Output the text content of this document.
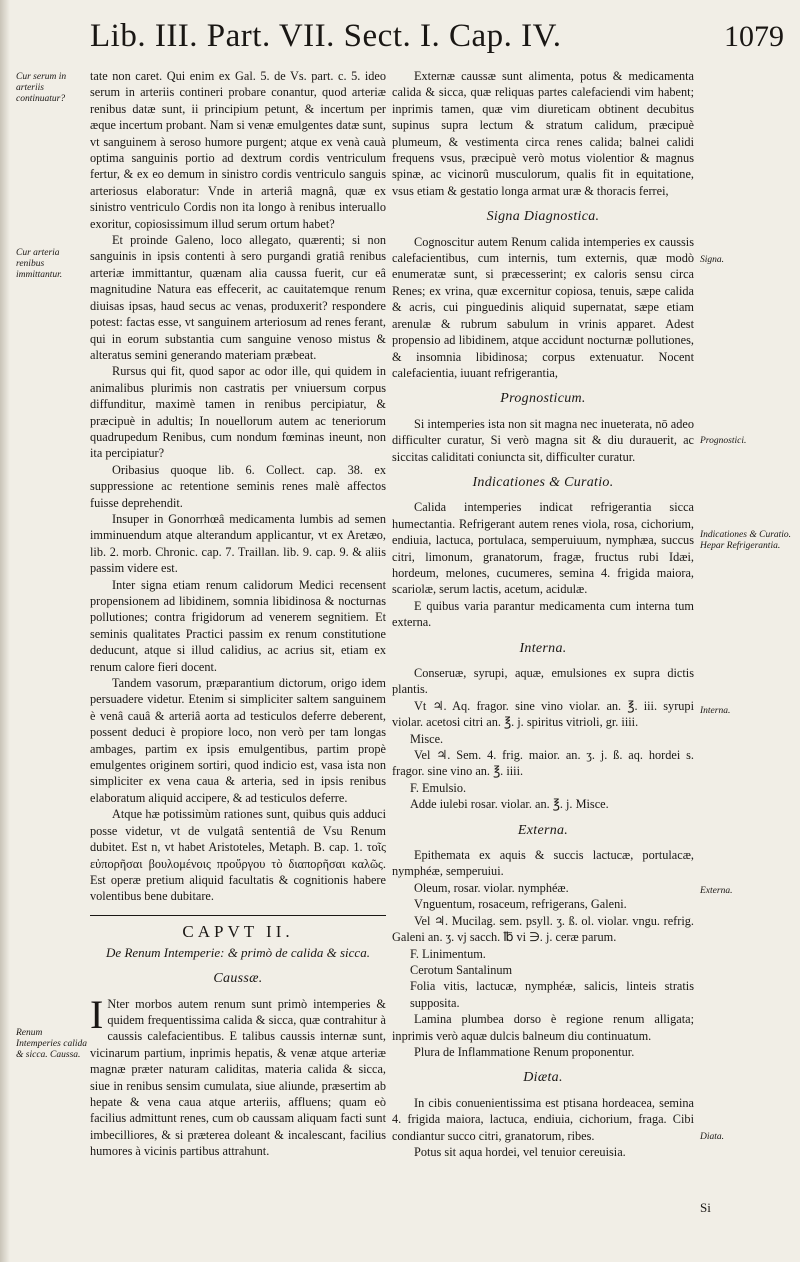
Lib. III. Part. VII. Sect. I. Cap. IV.	1079
Cur serum in arteriis continuatur?
Cur arteria renibus immittantur.
Renum Intemperies calida & sicca. Caussa.
Signa.
Prognostici.
Indicationes & Curatio. Hepar Refrigerantia.
Interna.
Externa.
Diata.

tate non caret. Qui enim ex Gal. 5. de Vs. part. c. 5. ideo serum in arteriis contineri probare conantur, quod arteriæ renibus datæ sunt, ii principium petunt, & incertum per æque incertum probant. Nam si venæ emulgentes datæ sunt, vt sanguinem à seroso humore purgent; atque ex venà cauà optima sanguinis portio ad dextrum cordis ventriculum fertur, & ex eo demum in sinistro cordis ventriculo sanguis arteriosus elaboratur: Vnde in arteriâ magnâ, quæ ex sinistro ventriculo Cordis non ita longo à renibus interuallo exoritur, copiosissimum illud serum ortum habet?

Et proinde Galeno, loco allegato, quærenti; si non sanguinis in ipsis contenti à sero purgandi gratiâ renibus arteriæ immittantur, quænam alia caussa fuerit, cur eâ magnitudine Natura eas effecerit, ac cauitatemque renum diuisas ipsas, haud secus ac venas, produxerit? respondere potest: factas esse, vt sanguinem arteriosum ad renes ferant, qui in eorum substantia cum sanguine venoso mistus & alteratus semini generando materiam præbeat.

Rursus qui fit, quod sapor ac odor ille, qui quidem in animalibus plurimis non castratis per vniuersum corpus diffunditur, maximè tamen in renibus percipiatur, & præcipuè in adultis; In nouellorum autem ac teneriorum quadrupedum Renibus, cum nondum fœminas ineunt, non ita percipiatur?

Oribasius quoque lib. 6. Collect. cap. 38. ex suppressione ac retentione seminis renes malè affectos fuisse deprehendit.

Insuper in Gonorrhœâ medicamenta lumbis ad semen imminuendum atque alterandum applicantur, vt ex Aretæo, lib. 2. morb. Chronic. cap. 7. Traillan. lib. 9. cap. 9. & aliis passim videre est.

Inter signa etiam renum calidorum Medici recensent propensionem ad libidinem, somnia libidinosa & nocturnas pollutiones; contra frigidorum ad venerem segnitiem. Et seminis qualitates Practici passim ex renum constitutione deducunt, atque si illud calidius, ac acrius sit, etiam ex renum calore fieri docent.

Tandem vasorum, præparantium dictorum, origo idem persuadere videtur. Etenim si simpliciter saltem sanguinem è venâ cauâ & arteriâ aorta ad testiculos deferre deberent, possent deduci è propiore loco, non verò per tam longas ambages, partim ex ipsis emulgentibus, partim propè emulgentes originem sortiri, quod indicio est, vasa ista non simpliciter ex vena caua & arteria, sed in ipsis renibus elaboratum aliquid accipere, & ad testiculos deferre.

Atque hæ potissimùm rationes sunt, quibus quis adduci posse videtur, vt de vulgatâ sententiâ de Vsu Renum dubitet. Est n, vt habet Aristoteles, Metaph. B. cap. 1. τοῖς εὐπορῆσαι βουλομένοις προὔργου τὸ διαπορῆσαι καλῶς. Est operæ pretium aliquid facultatis & cognitionis habere volentibus bene dubitare.

CAPVT II.
De Renum Intemperie: & primò de calida & sicca.
Caussæ.

I Nter morbos autem renum sunt primò intemperies & quidem frequentissima calida & sicca, quæ contrahitur à caussis calefacientibus. E talibus caussis internæ sunt, vicinarum partium, inprimis hepatis, & venæ atque arteriæ magnæ præter naturam caliditas, materia calida & sicca, siue in renibus sensim cumulata, siue aliunde, præsertim ab hepate & vena caua atque arteriis, affluens; quam eò facilius admittunt renes, cum ob caussam aliquam facti sunt imbecilliores, & si præterea doleant & incalescant, facilius humores à vicinis partibus attrahunt.

Externæ caussæ sunt alimenta, potus & medicamenta calida & sicca, quæ reliquas partes calefaciendi vim habent; inprimis tamen, quæ vim diureticam obtinent decubitus supinus supra lectum & stratum calidum, præcipuè plumeum, & vestimenta circa renes calida; balnei calidi frequens vsus, præcipuè verò motus violentior & magnus spinæ, ac vicinorû musculorum, qualis fit in equitatione, vsus etiam & gestatio longa armat uræ & thoracis ferrei,

Signa Diagnostica.

Cognoscitur autem Renum calida intemperies ex caussis calefacientibus, cum internis, tum externis, quæ modò enumeratæ sunt, si præcesserint; ex caloris sensu circa Renes; ex vrina, quæ excernitur copiosa, tenuis, sæpe calida & acris, cui pinguedinis aliquid supernatat, sæpe etiam arenulæ & rubrum sabulum in vrinis apparet. Adest propensio ad libidinem, atque accidunt nocturnæ pollutiones, & insomnia libidinosa; corpus extenuatur. Nocent calefacientia, iuuant refrigerantia,

Prognosticum.

Si intemperies ista non sit magna nec inueterata, nō adeo difficulter curatur, Si verò magna sit & diu durauerit, ac siccitas caliditati coniuncta sit, difficulter curatur.

Indicationes & Curatio.

Calida intemperies indicat refrigerantia sicca humectantia. Refrigerant autem renes viola, rosa, cichorium, endiuia, lactuca, portulaca, semperuiuum, nymphæa, succus citri, limonum, granatorum, fragæ, fructus rubi Idæi, hordeum, melones, cucumeres, semina 4. frigida maiora, scariolæ, serum lactis, acetum, acidulæ.

E quibus varia parantur medicamenta cum interna tum externa.

Interna.

Conseruæ, syrupi, aquæ, emulsiones ex supra dictis plantis.

Vt ♃. Aq. fragor. sine vino violar. an. ℥. iii. syrupi violar. acetosi citri an. ℥. j. spiritus vitrioli, gr. iiii.

Misce.

Vel ♃. Sem. 4. frig. maior. an. ʒ. j. ß. aq. hordei s. fragor. sine vino an. ℥. iiii.

F. Emulsio.

Adde iulebi rosar. violar. an. ℥. j. Misce.

Externa.

Epithemata ex aquis & succis lactucæ, portulacæ, nymphéæ, semperuiui.

Oleum, rosar. violar. nymphéæ.

Vnguentum, rosaceum, refrigerans, Galeni.

Vel ♃. Mucilag. sem. psyll. ʒ. ß. ol. violar. vngu. refrig. Galeni an. ʒ. vj sacch. ℔ vi ∋. j. ceræ parum.

F. Linimentum.

Cerotum Santalinum

Folia vitis, lactucæ, nymphéæ, salicis, linteis stratis supposita.

Lamina plumbea dorso è regione renum alligata; inprimis verò aquæ dulcis balneum diu continuatum.

Plura de Inflammatione Renum proponentur.

Diæta.

In cibis conuenientissima est ptisana hordeacea, semina 4. frigida maiora, lactuca, endiuia, cichorium, fraga. Cibi condiantur succo citri, granatorum, ribes.

Potus sit aqua hordei, vel tenuior cereuisia.

Si
